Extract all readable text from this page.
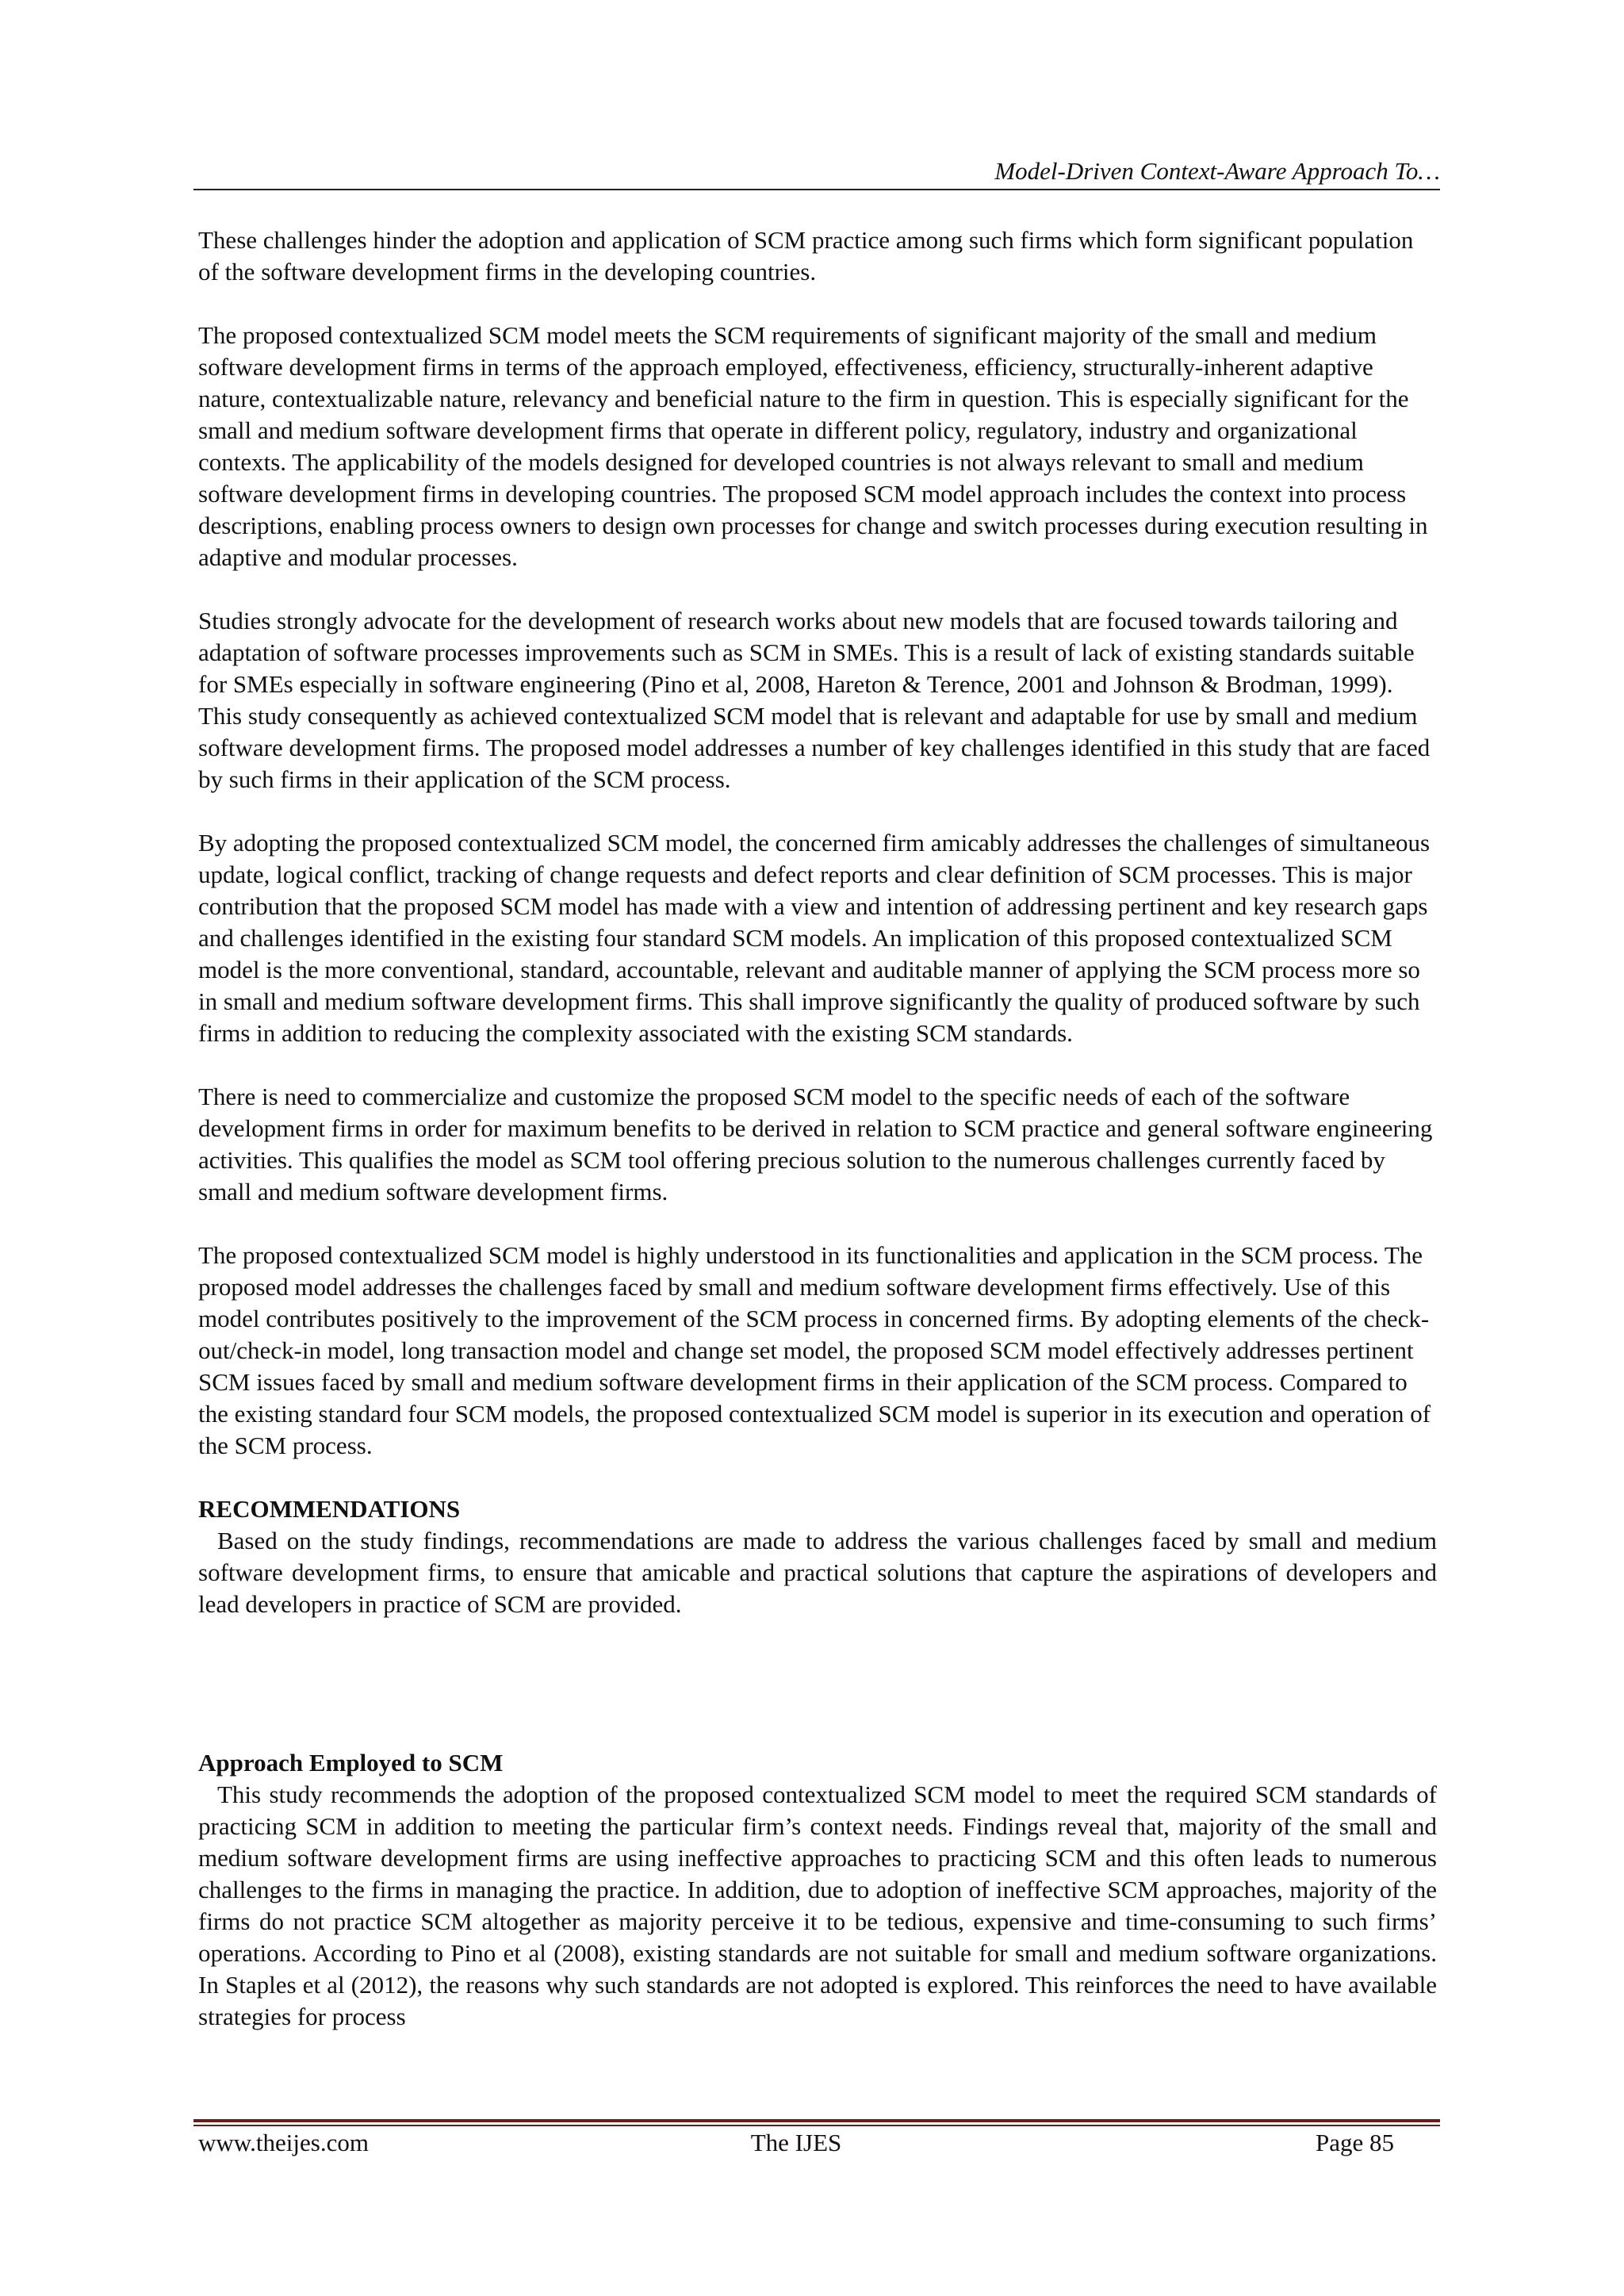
Model-Driven Context-Aware Approach To…

These challenges hinder the adoption and application of SCM practice among such firms which form significant population of the software development firms in the developing countries.

The proposed contextualized SCM model meets the SCM requirements of significant majority of the small and medium software development firms in terms of the approach employed, effectiveness, efficiency, structurally-inherent adaptive nature, contextualizable nature, relevancy and beneficial nature to the firm in question. This is especially significant for the small and medium software development firms that operate in different policy, regulatory, industry and organizational contexts. The applicability of the models designed for developed countries is not always relevant to small and medium software development firms in developing countries. The proposed SCM model approach includes the context into process descriptions, enabling process owners to design own processes for change and switch processes during execution resulting in adaptive and modular processes.

Studies strongly advocate for the development of research works about new models that are focused towards tailoring and adaptation of software processes improvements such as SCM in SMEs. This is a result of lack of existing standards suitable for SMEs especially in software engineering (Pino et al, 2008, Hareton & Terence, 2001 and Johnson & Brodman, 1999). This study consequently as achieved contextualized SCM model that is relevant and adaptable for use by small and medium software development firms. The proposed model addresses a number of key challenges identified in this study that are faced by such firms in their application of the SCM process.

By adopting the proposed contextualized SCM model, the concerned firm amicably addresses the challenges of simultaneous update, logical conflict, tracking of change requests and defect reports and clear definition of SCM processes. This is major contribution that the proposed SCM model has made with a view and intention of addressing pertinent and key research gaps and challenges identified in the existing four standard SCM models. An implication of this proposed contextualized SCM model is the more conventional, standard, accountable, relevant and auditable manner of applying the SCM process more so in small and medium software development firms. This shall improve significantly the quality of produced software by such firms in addition to reducing the complexity associated with the existing SCM standards.

There is need to commercialize and customize the proposed SCM model to the specific needs of each of the software development firms in order for maximum benefits to be derived in relation to SCM practice and general software engineering activities. This qualifies the model as SCM tool offering precious solution to the numerous challenges currently faced by small and medium software development firms.

The proposed contextualized SCM model is highly understood in its functionalities and application in the SCM process. The proposed model addresses the challenges faced by small and medium software development firms effectively. Use of this model contributes positively to the improvement of the SCM process in concerned firms. By adopting elements of the check-out/check-in model, long transaction model and change set model, the proposed SCM model effectively addresses pertinent SCM issues faced by small and medium software development firms in their application of the SCM process. Compared to the existing standard four SCM models, the proposed contextualized SCM model is superior in its execution and operation of the SCM process.

RECOMMENDATIONS

Based on the study findings, recommendations are made to address the various challenges faced by small and medium software development firms, to ensure that amicable and practical solutions that capture the aspirations of developers and lead developers in practice of SCM are provided.

Approach Employed to SCM

This study recommends the adoption of the proposed contextualized SCM model to meet the required SCM standards of practicing SCM in addition to meeting the particular firm’s context needs. Findings reveal that, majority of the small and medium software development firms are using ineffective approaches to practicing SCM and this often leads to numerous challenges to the firms in managing the practice. In addition, due to adoption of ineffective SCM approaches, majority of the firms do not practice SCM altogether as majority perceive it to be tedious, expensive and time-consuming to such firms’ operations. According to Pino et al (2008), existing standards are not suitable for small and medium software organizations. In Staples et al (2012), the reasons why such standards are not adopted is explored. This reinforces the need to have available strategies for process

www.theijes.com	The IJES	Page 85
